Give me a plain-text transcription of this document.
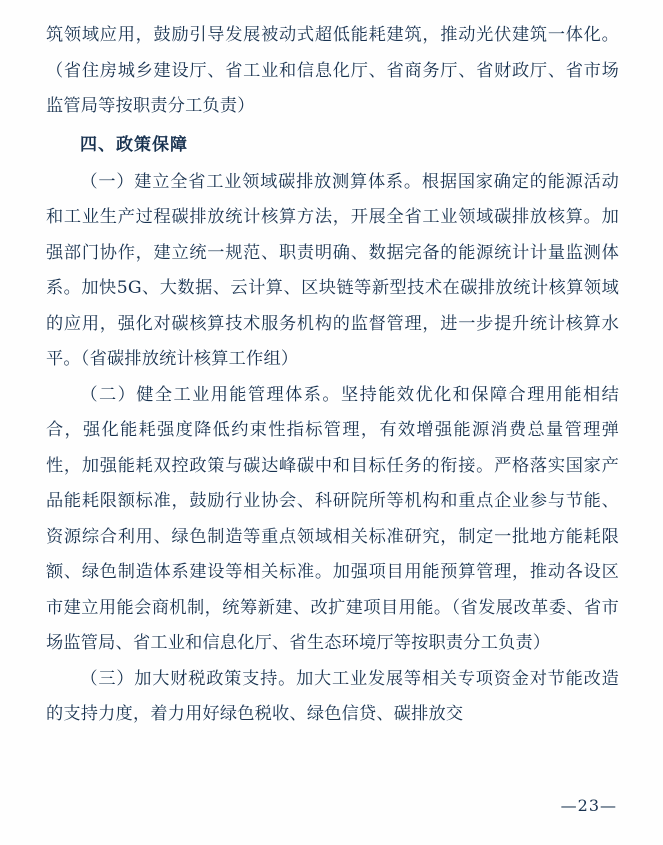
筑领域应用，鼓励引导发展被动式超低能耗建筑，推动光伏建筑一体化。（省住房城乡建设厅、省工业和信息化厅、省商务厅、省财政厅、省市场监管局等按职责分工负责）

四、政策保障

（一）建立全省工业领域碳排放测算体系。根据国家确定的能源活动和工业生产过程碳排放统计核算方法，开展全省工业领域碳排放核算。加强部门协作，建立统一规范、职责明确、数据完备的能源统计计量监测体系。加快5G、大数据、云计算、区块链等新型技术在碳排放统计核算领域的应用，强化对碳核算技术服务机构的监督管理，进一步提升统计核算水平。（省碳排放统计核算工作组）

（二）健全工业用能管理体系。坚持能效优化和保障合理用能相结合，强化能耗强度降低约束性指标管理，有效增强能源消费总量管理弹性，加强能耗双控政策与碳达峰碳中和目标任务的衔接。严格落实国家产品能耗限额标准，鼓励行业协会、科研院所等机构和重点企业参与节能、资源综合利用、绿色制造等重点领域相关标准研究，制定一批地方能耗限额、绿色制造体系建设等相关标准。加强项目用能预算管理，推动各设区市建立用能会商机制，统筹新建、改扩建项目用能。（省发展改革委、省市场监管局、省工业和信息化厅、省生态环境厅等按职责分工负责）

（三）加大财税政策支持。加大工业发展等相关专项资金对节能改造的支持力度，着力用好绿色税收、绿色信贷、碳排放交

—23—
